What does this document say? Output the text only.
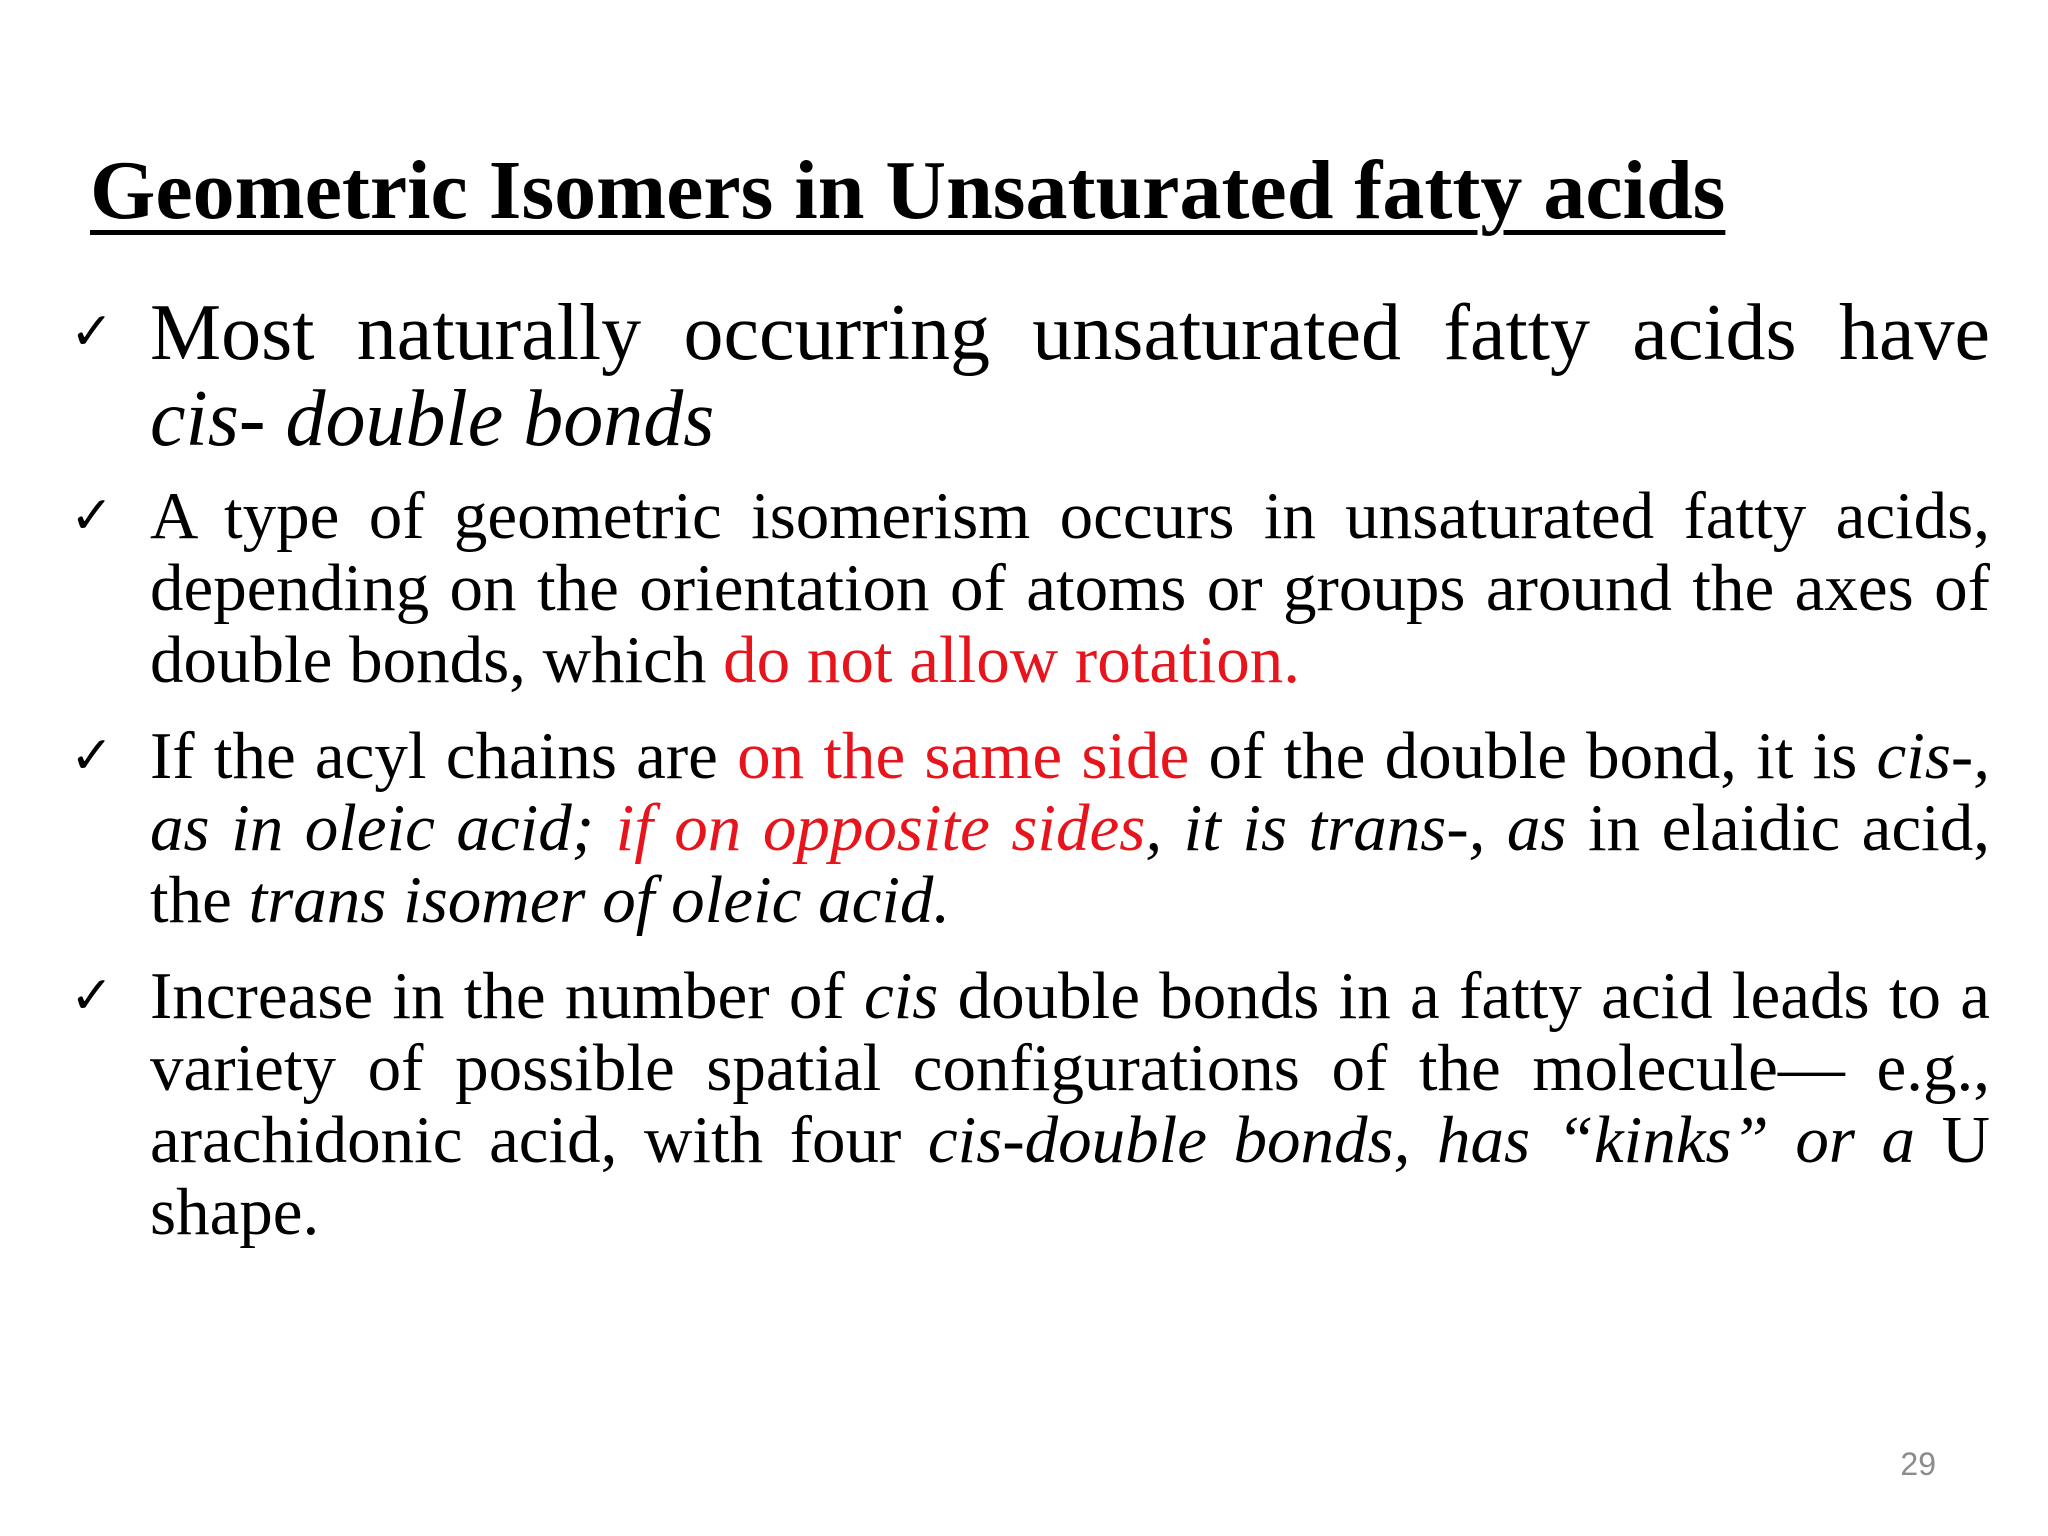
Geometric Isomers in Unsaturated fatty acids
✓ Most naturally occurring unsaturated fatty acids have cis- double bonds
✓ A type of geometric isomerism occurs in unsaturated fatty acids, depending on the orientation of atoms or groups around the axes of double bonds, which do not allow rotation.
✓ If the acyl chains are on the same side of the double bond, it is cis-, as in oleic acid; if on opposite sides, it is trans-, as in elaidic acid, the trans isomer of oleic acid.
✓ Increase in the number of cis double bonds in a fatty acid leads to a variety of possible spatial configurations of the molecule— e.g., arachidonic acid, with four cis-double bonds, has “kinks” or a U shape.
29
